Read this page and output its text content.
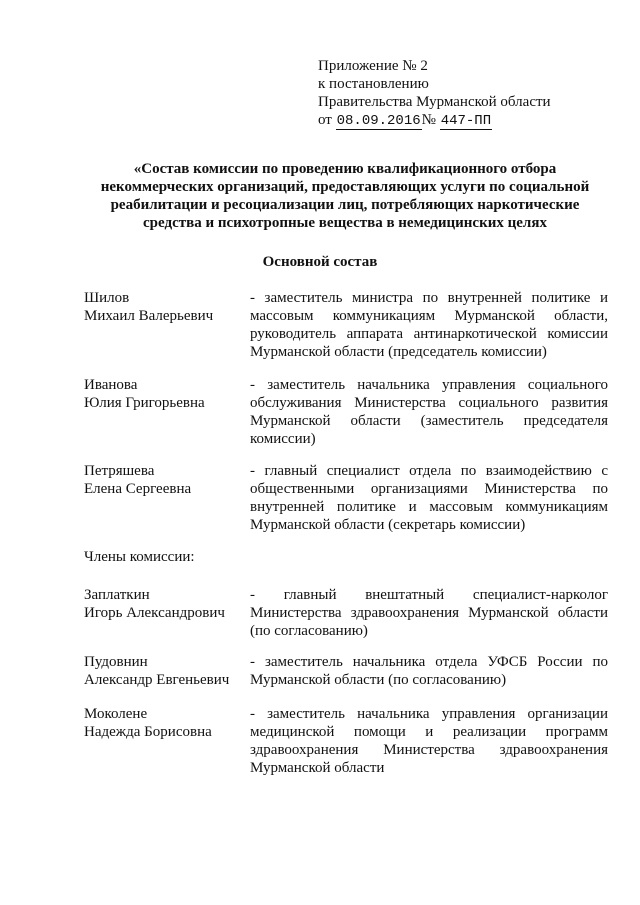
Приложение № 2
к постановлению
Правительства Мурманской области
от 08.09.2016№ 447-ПП
«Состав комиссии по проведению квалификационного отбора некоммерческих организаций, предоставляющих услуги по социальной реабилитации и ресоциализации лиц, потребляющих наркотические средства и психотропные вещества в немедицинских целях
Основной состав
Шилов
Михаил Валерьевич
- заместитель министра по внутренней политике и массовым коммуникациям Мурманской области, руководитель аппарата антинаркотической комиссии Мурманской области (председатель комиссии)
Иванова
Юлия Григорьевна
- заместитель начальника управления социального обслуживания Министерства социального развития Мурманской области (заместитель председателя комиссии)
Петряшева
Елена Сергеевна
- главный специалист отдела по взаимодействию с общественными организациями Министерства по внутренней политике и массовым коммуникациям Мурманской области (секретарь комиссии)
Члены комиссии:
Заплаткин
Игорь Александрович
- главный внештатный специалист-нарколог Министерства здравоохранения Мурманской области (по согласованию)
Пудовнин
Александр Евгеньевич
- заместитель начальника отдела УФСБ России по Мурманской области (по согласованию)
Моколене
Надежда Борисовна
- заместитель начальника управления организации медицинской помощи и реализации программ здравоохранения Министерства здравоохранения Мурманской области
